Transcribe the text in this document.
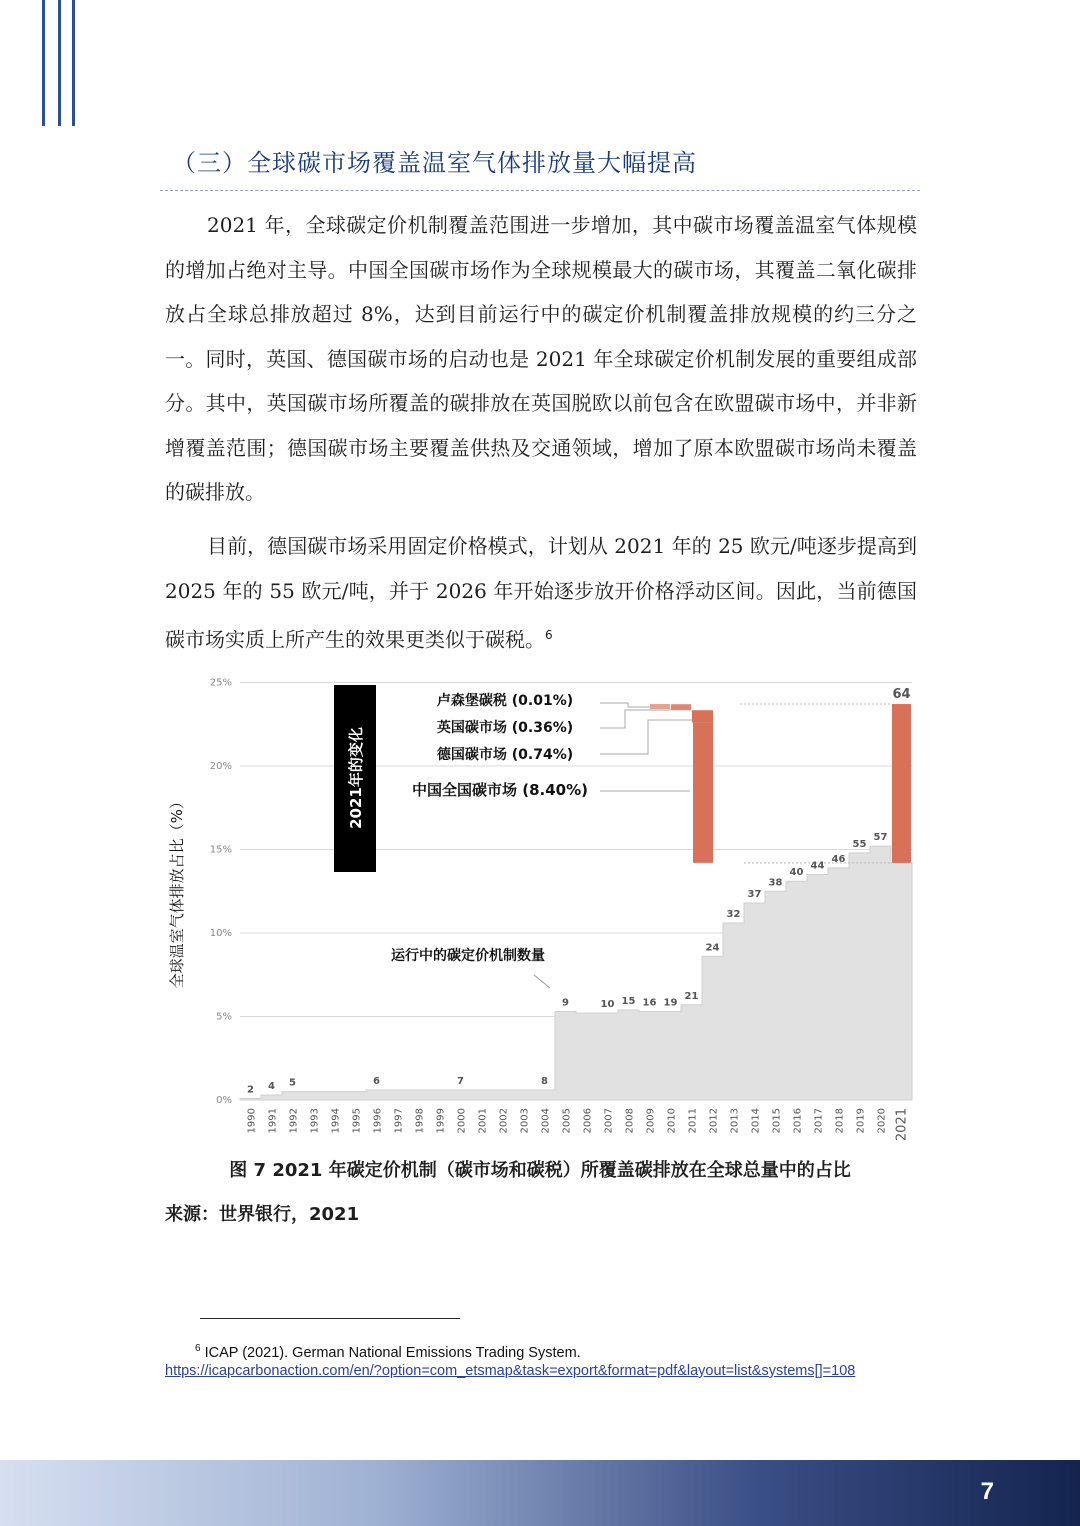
（三）全球碳市场覆盖温室气体排放量大幅提高
2021 年，全球碳定价机制覆盖范围进一步增加，其中碳市场覆盖温室气体规模的增加占绝对主导。中国全国碳市场作为全球规模最大的碳市场，其覆盖二氧化碳排放占全球总排放超过 8%，达到目前运行中的碳定价机制覆盖排放规模的约三分之一。同时，英国、德国碳市场的启动也是 2021 年全球碳定价机制发展的重要组成部分。其中，英国碳市场所覆盖的碳排放在英国脱欧以前包含在欧盟碳市场中，并非新增覆盖范围；德国碳市场主要覆盖供热及交通领域，增加了原本欧盟碳市场尚未覆盖的碳排放。
目前，德国碳市场采用固定价格模式，计划从 2021 年的 25 欧元/吨逐步提高到 2025 年的 55 欧元/吨，并于 2026 年开始逐步放开价格浮动区间。因此，当前德国碳市场实质上所产生的效果更类似于碳税。$^6$
0%
5%
10%
15%
20%
25%
全球温室气体排放占比（%）
1990 1991 1992 1993 1994 1995 1996 1997 1998 1999 2000 2001 2002 2003 2004 2005 2006 2007 2008 2009 2010 2011 2012 2013 2014 2015 2016 2017 2018 2019 2020 2021
2 4 5	6	7	8
9	10 15 16 19
21
24
32
37
38
40
44
46
55
57
64
运行中的碳定价机制数量
2021年的变化
卢森堡碳税 (0.01%)
英国碳市场 (0.36%)
德国碳市场 (0.74%)
中国全国碳市场 (8.40%)
图 7 2021 年碳定价机制（碳市场和碳税）所覆盖碳排放在全球总量中的占比
来源：世界银行，2021
$^6$ ICAP (2021). German National Emissions Trading System.
https://icapcarbonaction.com/en/?option=com_etsmap&task=export&format=pdf&layout=list&systems[]=108
7
